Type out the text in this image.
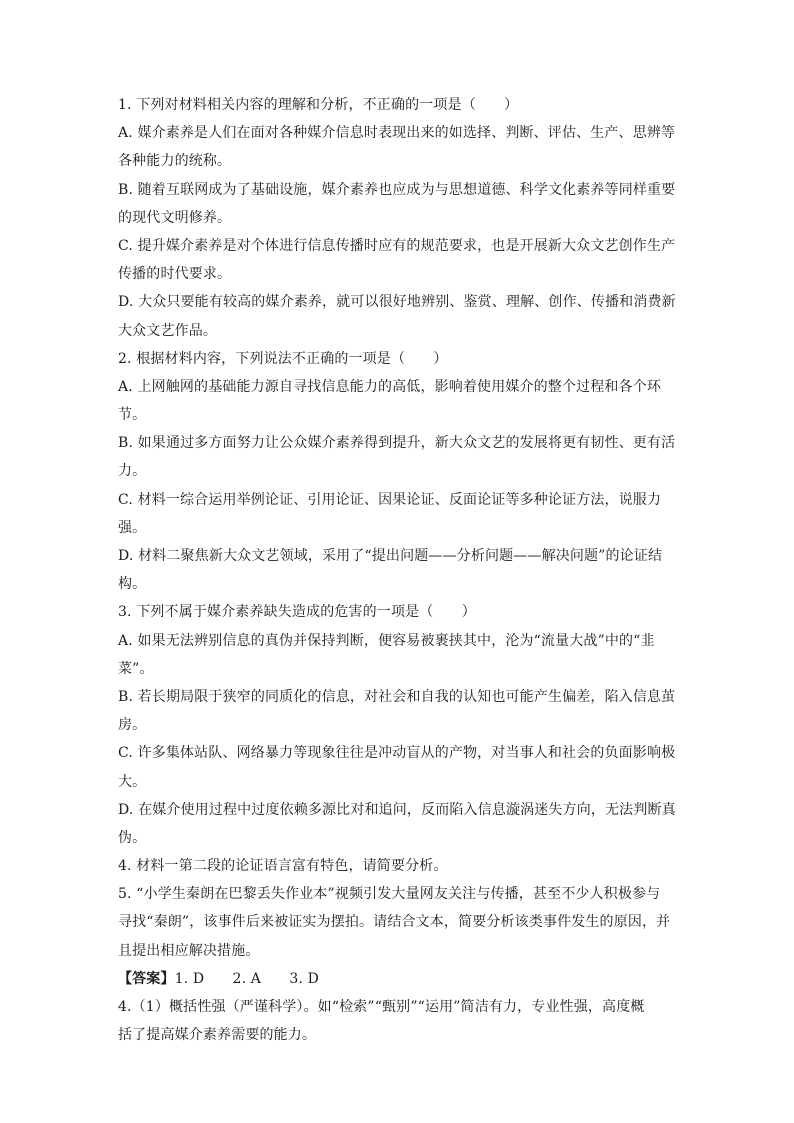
1. 下列对材料相关内容的理解和分析，不正确的一项是（　　）
A. 媒介素养是人们在面对各种媒介信息时表现出来的如选择、判断、评估、生产、思辨等
各种能力的统称。
B. 随着互联网成为了基础设施，媒介素养也应成为与思想道德、科学文化素养等同样重要
的现代文明修养。
C. 提升媒介素养是对个体进行信息传播时应有的规范要求，也是开展新大众文艺创作生产
传播的时代要求。
D. 大众只要能有较高的媒介素养，就可以很好地辨别、鉴赏、理解、创作、传播和消费新
大众文艺作品。
2. 根据材料内容，下列说法不正确的一项是（　　）
A. 上网触网的基础能力源自寻找信息能力的高低，影响着使用媒介的整个过程和各个环
节。
B. 如果通过多方面努力让公众媒介素养得到提升，新大众文艺的发展将更有韧性、更有活
力。
C. 材料一综合运用举例论证、引用论证、因果论证、反面论证等多种论证方法，说服力
强。
D. 材料二聚焦新大众文艺领域，采用了“提出问题——分析问题——解决问题”的论证结
构。
3. 下列不属于媒介素养缺失造成的危害的一项是（　　）
A. 如果无法辨别信息的真伪并保持判断，便容易被裹挟其中，沦为“流量大战”中的“韭
菜”。
B. 若长期局限于狭窄的同质化的信息，对社会和自我的认知也可能产生偏差，陷入信息茧
房。
C. 许多集体站队、网络暴力等现象往往是冲动盲从的产物，对当事人和社会的负面影响极
大。
D. 在媒介使用过程中过度依赖多源比对和追问，反而陷入信息漩涡迷失方向，无法判断真
伪。
4. 材料一第二段的论证语言富有特色，请简要分析。
5. “小学生秦朗在巴黎丢失作业本”视频引发大量网友关注与传播，甚至不少人积极参与
寻找“秦朗”，该事件后来被证实为摆拍。请结合文本，简要分析该类事件发生的原因，并
且提出相应解决措施。
【答案】1. D　　2. A　　3. D
4.（1）概括性强（严谨科学）。如“检索”“甄别”“运用”简洁有力，专业性强，高度概
括了提高媒介素养需要的能力。
